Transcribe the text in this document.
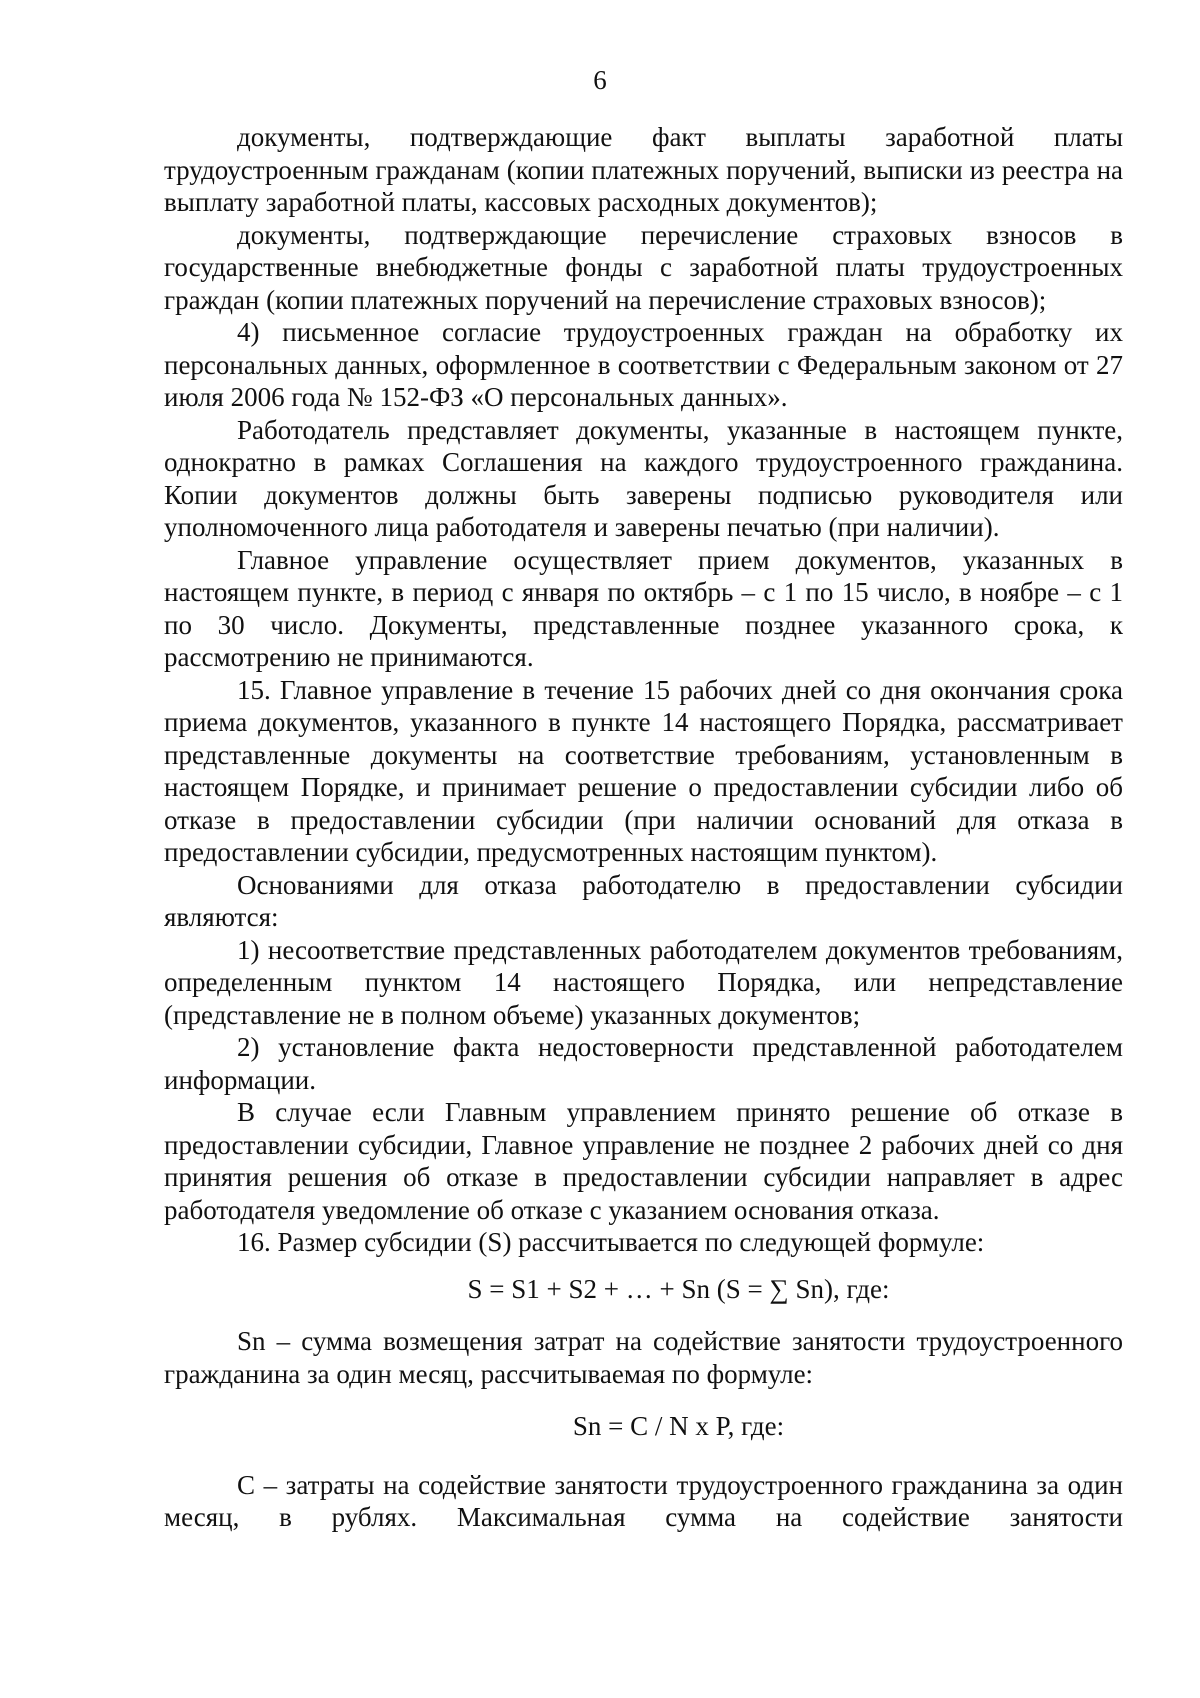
6

документы, подтверждающие факт выплаты заработной платы трудоустроенным гражданам (копии платежных поручений, выписки из реестра на выплату заработной платы, кассовых расходных документов);

документы, подтверждающие перечисление страховых взносов в государственные внебюджетные фонды с заработной платы трудоустроенных граждан (копии платежных поручений на перечисление страховых взносов);

4) письменное согласие трудоустроенных граждан на обработку их персональных данных, оформленное в соответствии с Федеральным законом от 27 июля 2006 года № 152-ФЗ «О персональных данных».

Работодатель представляет документы, указанные в настоящем пункте, однократно в рамках Соглашения на каждого трудоустроенного гражданина. Копии документов должны быть заверены подписью руководителя или уполномоченного лица работодателя и заверены печатью (при наличии).

Главное управление осуществляет прием документов, указанных в настоящем пункте, в период с января по октябрь – с 1 по 15 число, в ноябре – с 1 по 30 число. Документы, представленные позднее указанного срока, к рассмотрению не принимаются.

15. Главное управление в течение 15 рабочих дней со дня окончания срока приема документов, указанного в пункте 14 настоящего Порядка, рассматривает представленные документы на соответствие требованиям, установленным в настоящем Порядке, и принимает решение о предоставлении субсидии либо об отказе в предоставлении субсидии (при наличии оснований для отказа в предоставлении субсидии, предусмотренных настоящим пунктом).

Основаниями для отказа работодателю в предоставлении субсидии являются:

1) несоответствие представленных работодателем документов требованиям, определенным пунктом 14 настоящего Порядка, или непредставление (представление не в полном объеме) указанных документов;

2) установление факта недостоверности представленной работодателем информации.

В случае если Главным управлением принято решение об отказе в предоставлении субсидии, Главное управление не позднее 2 рабочих дней со дня принятия решения об отказе в предоставлении субсидии направляет в адрес работодателя уведомление об отказе с указанием основания отказа.

16. Размер субсидии (S) рассчитывается по следующей формуле:

S = S1 + S2 + … + Sn (S = ∑ Sn), где:

Sn – сумма возмещения затрат на содействие занятости трудоустроенного гражданина за один месяц, рассчитываемая по формуле:

Sn = C / N x P, где:

С – затраты на содействие занятости трудоустроенного гражданина за один месяц, в рублях. Максимальная сумма на содействие занятости
